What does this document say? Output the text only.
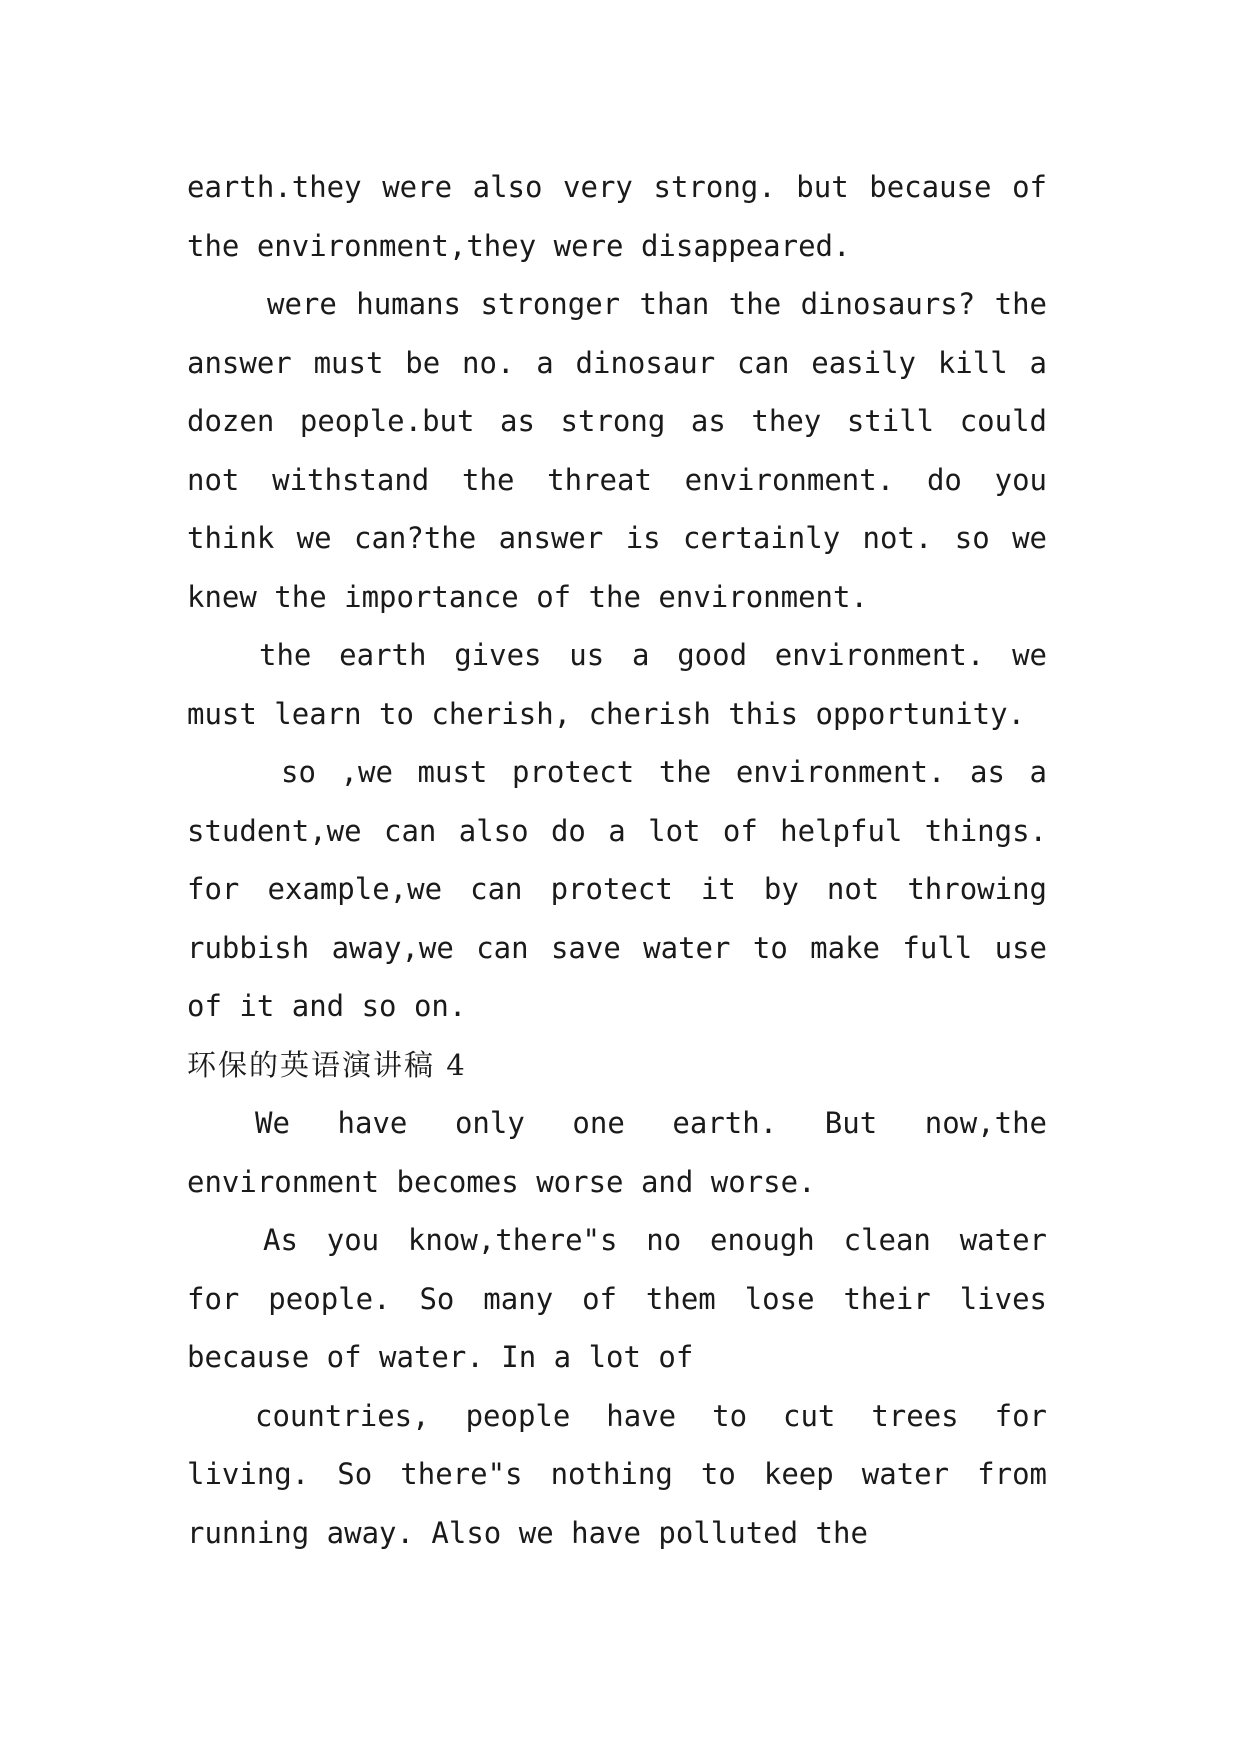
earth.they were also very strong. but because of the environment,they were disappeared.

were humans stronger than the dinosaurs? the answer must be no. a dinosaur can easily kill a dozen people.but as strong as they still could not withstand the threat environment. do you think we can?the answer is certainly not. so we knew the importance of the environment.

the earth gives us a good environment. we must learn to cherish, cherish this opportunity.

so ,we must protect the environment. as a student,we can also do a lot of helpful things. for example,we can protect it by not throwing rubbish away,we can save water to make full use of it and so on.

环保的英语演讲稿 4

We have only one earth. But now,the environment becomes worse and worse.

As you know,there"s no enough clean water for people. So many of them lose their lives because of water. In a lot of

countries, people have to cut trees for living. So there"s nothing to keep water from running away. Also we have polluted the
